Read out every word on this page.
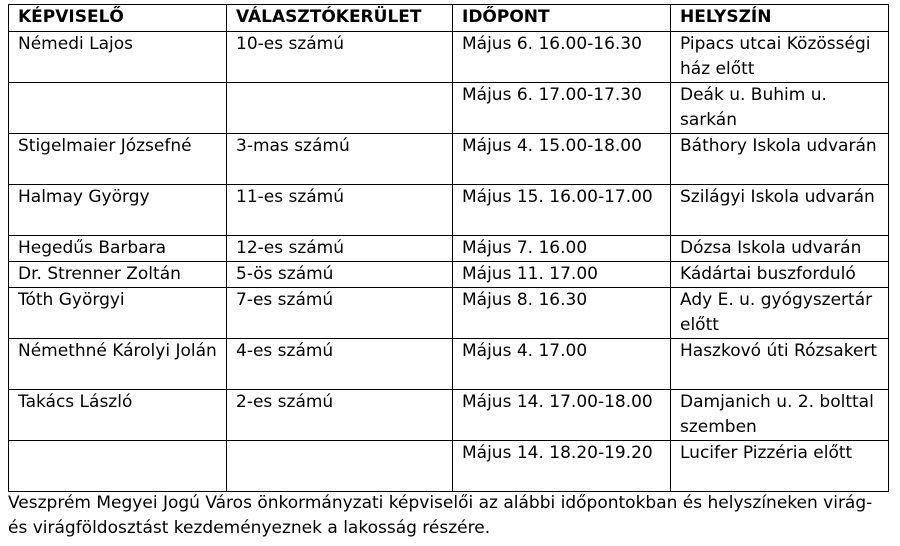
KÉPVISELŐ	VÁLASZTÓKERÜLET	IDŐPONT	HELYSZÍN
Némedi Lajos	10-es számú	Május 6. 16.00-16.30	Pipacs utcai Közösségi ház előtt
		Május 6. 17.00-17.30	Deák u. Buhim u. sarkán
Stigelmaier Józsefné	3-mas számú	Május 4. 15.00-18.00	Báthory Iskola udvarán
Halmay György	11-es számú	Május 15. 16.00-17.00	Szilágyi Iskola udvarán
Hegedűs Barbara	12-es számú	Május 7. 16.00	Dózsa Iskola udvarán
Dr. Strenner Zoltán	5-ös számú	Május 11. 17.00	Kádártai buszforduló
Tóth Györgyi	7-es számú	Május 8. 16.30	Ady E. u. gyógyszertár előtt
Némethné Károlyi Jolán	4-es számú	Május 4. 17.00	Haszkovó úti Rózsakert
Takács László	2-es számú	Május 14. 17.00-18.00	Damjanich u. 2. bolttal szemben
		Május 14. 18.20-19.20	Lucifer Pizzéria előtt
Veszprém Megyei Jogú Város önkormányzati képviselői az alábbi időpontokban és helyszíneken virág- és virágföldosztást kezdeményeznek a lakosság részére.
